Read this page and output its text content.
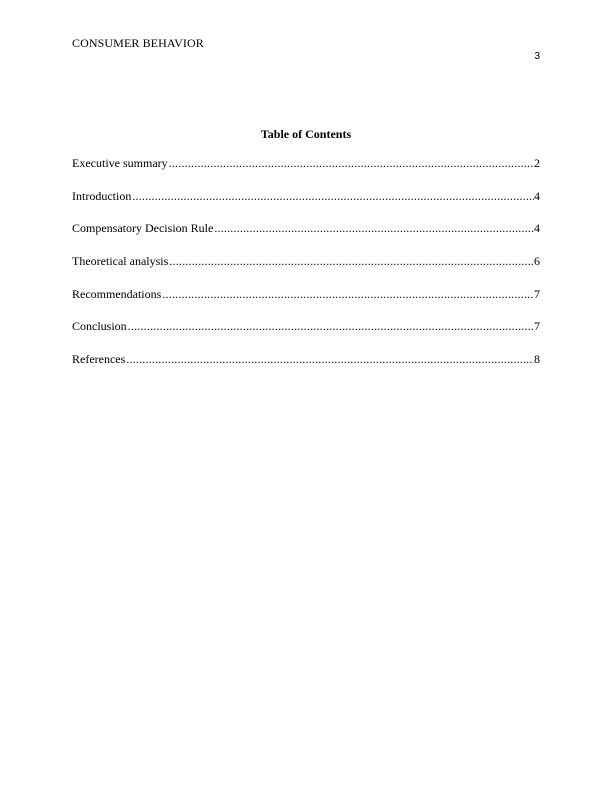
CONSUMER BEHAVIOR
3
Table of Contents
Executive summary .....	2
Introduction .....	4
Compensatory Decision Rule .....	4
Theoretical analysis .....	6
Recommendations .....	7
Conclusion .....	7
References .....	8
